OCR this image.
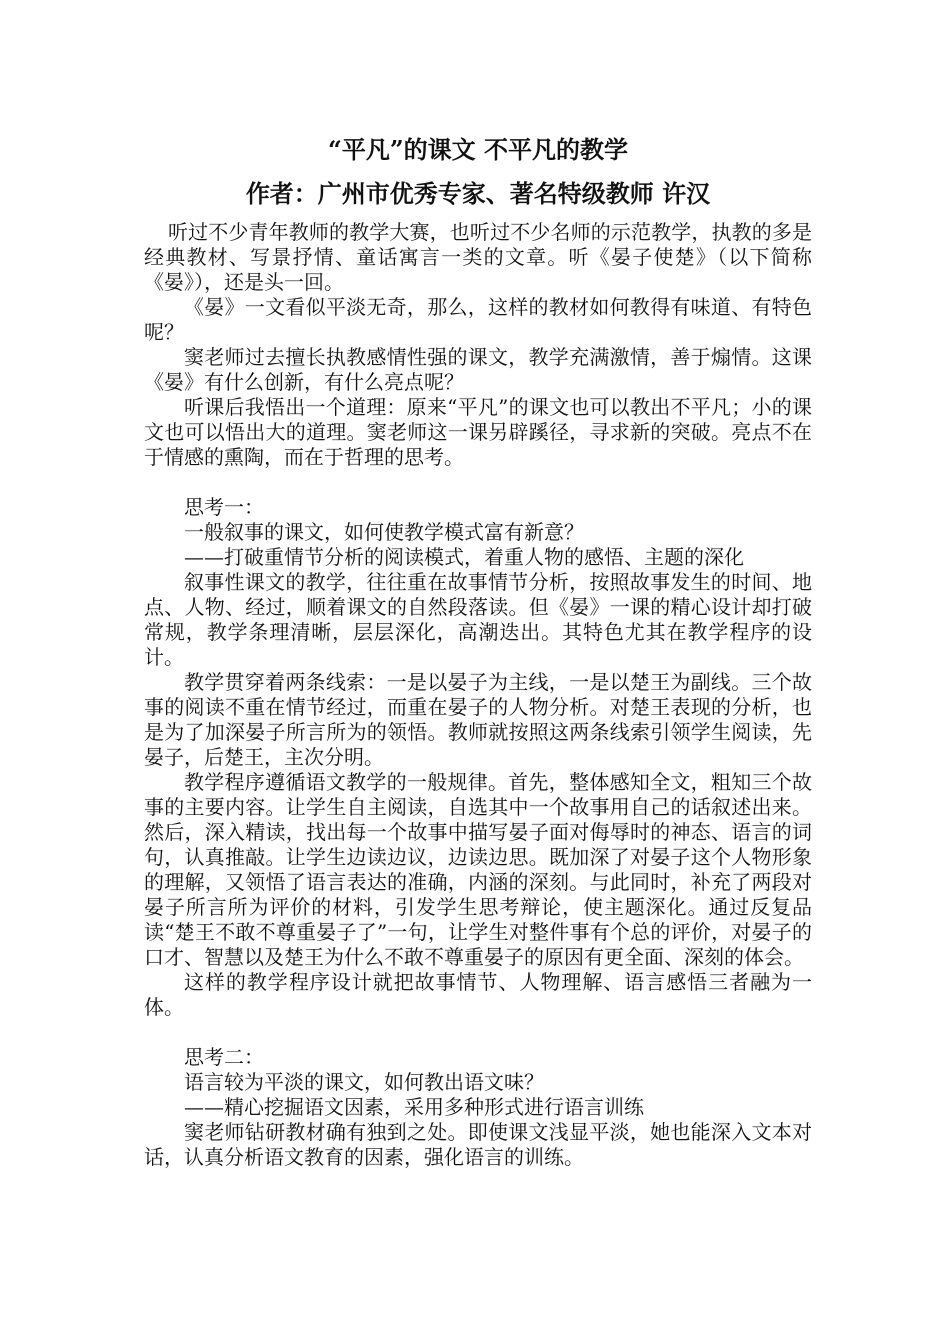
“平凡”的课文 不平凡的教学
作者：广州市优秀专家、著名特级教师 许汉

听过不少青年教师的教学大赛，也听过不少名师的示范教学，执教的多是经典教材、写景抒情、童话寓言一类的文章。听《晏子使楚》（以下简称《晏》），还是头一回。

《晏》一文看似平淡无奇，那么，这样的教材如何教得有味道、有特色呢？

窦老师过去擅长执教感情性强的课文，教学充满激情，善于煽情。这课《晏》有什么创新，有什么亮点呢？

听课后我悟出一个道理：原来“平凡”的课文也可以教出不平凡；小的课文也可以悟出大的道理。窦老师这一课另辟蹊径，寻求新的突破。亮点不在于情感的熏陶，而在于哲理的思考。

思考一：

一般叙事的课文，如何使教学模式富有新意？

——打破重情节分析的阅读模式，着重人物的感悟、主题的深化

叙事性课文的教学，往往重在故事情节分析，按照故事发生的时间、地点、人物、经过，顺着课文的自然段落读。但《晏》一课的精心设计却打破常规，教学条理清晰，层层深化，高潮迭出。其特色尤其在教学程序的设计。

教学贯穿着两条线索：一是以晏子为主线，一是以楚王为副线。三个故事的阅读不重在情节经过，而重在晏子的人物分析。对楚王表现的分析，也是为了加深晏子所言所为的领悟。教师就按照这两条线索引领学生阅读，先晏子，后楚王，主次分明。

教学程序遵循语文教学的一般规律。首先，整体感知全文，粗知三个故事的主要内容。让学生自主阅读，自选其中一个故事用自己的话叙述出来。然后，深入精读，找出每一个故事中描写晏子面对侮辱时的神态、语言的词句，认真推敲。让学生边读边议，边读边思。既加深了对晏子这个人物形象的理解，又领悟了语言表达的准确，内涵的深刻。与此同时，补充了两段对晏子所言所为评价的材料，引发学生思考辩论，使主题深化。通过反复品读“楚王不敢不尊重晏子了”一句，让学生对整件事有个总的评价，对晏子的口才、智慧以及楚王为什么不敢不尊重晏子的原因有更全面、深刻的体会。

这样的教学程序设计就把故事情节、人物理解、语言感悟三者融为一体。

思考二：

语言较为平淡的课文，如何教出语文味？

——精心挖掘语文因素，采用多种形式进行语言训练

窦老师钻研教材确有独到之处。即使课文浅显平淡，她也能深入文本对话，认真分析语文教育的因素，强化语言的训练。
